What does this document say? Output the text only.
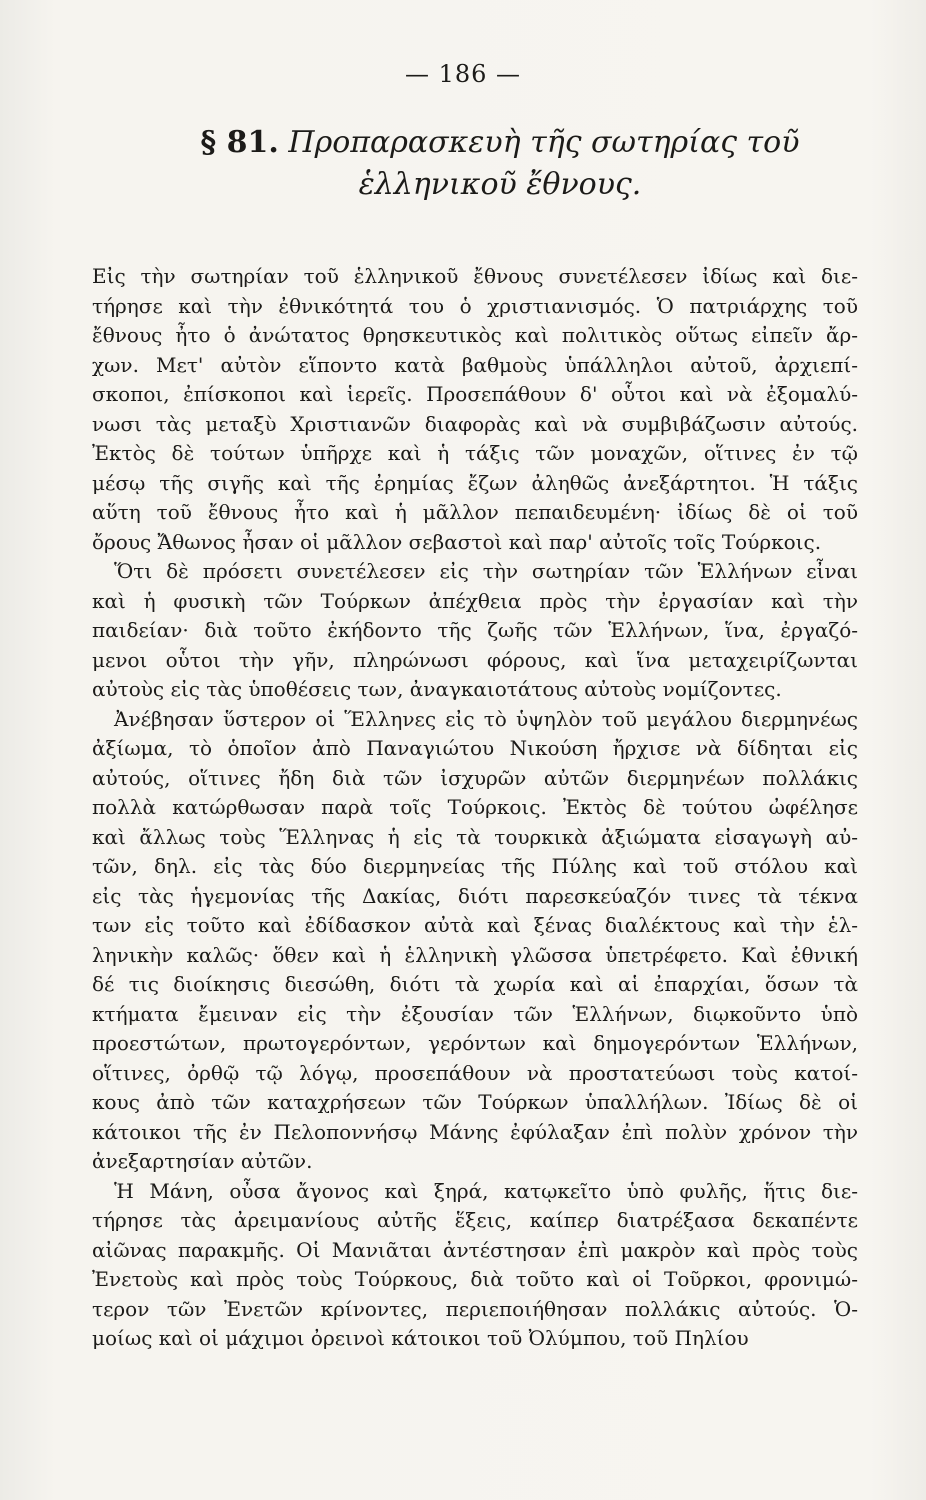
— 186 —
§ 81. Προπαρασκευὴ τῆς σωτηρίας τοῦ
ἑλληνικοῦ ἔθνους.
Εἰς τὴν σωτηρίαν τοῦ ἑλληνικοῦ ἔθνους συνετέλεσεν ἰδίως καὶ διε-
τήρησε καὶ τὴν ἐθνικότητά του ὁ χριστιανισμός. Ὁ πατριάρχης τοῦ
ἔθνους ἦτο ὁ ἀνώτατος θρησκευτικὸς καὶ πολιτικὸς οὕτως εἰπεῖν ἄρ-
χων. Μετ' αὐτὸν εἵποντο κατὰ βαθμοὺς ὑπάλληλοι αὐτοῦ, ἀρχιεπί-
σκοποι, ἐπίσκοποι καὶ ἱερεῖς. Προσεπάθουν δ' οὗτοι καὶ νὰ ἐξομαλύ-
νωσι τὰς μεταξὺ Χριστιανῶν διαφορὰς καὶ νὰ συμβιβάζωσιν αὐτούς.
Ἐκτὸς δὲ τούτων ὑπῆρχε καὶ ἡ τάξις τῶν μοναχῶν, οἵτινες ἐν τῷ
μέσῳ τῆς σιγῆς καὶ τῆς ἐρημίας ἔζων ἀληθῶς ἀνεξάρτητοι. Ἡ τάξις
αὕτη τοῦ ἔθνους ἦτο καὶ ἡ μᾶλλον πεπαιδευμένη· ἰδίως δὲ οἱ τοῦ
ὄρους Ἄθωνος ἦσαν οἱ μᾶλλον σεβαστοὶ καὶ παρ' αὐτοῖς τοῖς Τούρκοις.
Ὅτι δὲ πρόσετι συνετέλεσεν εἰς τὴν σωτηρίαν τῶν Ἑλλήνων εἶναι
καὶ ἡ φυσικὴ τῶν Τούρκων ἀπέχθεια πρὸς τὴν ἐργασίαν καὶ τὴν
παιδείαν· διὰ τοῦτο ἐκήδοντο τῆς ζωῆς τῶν Ἑλλήνων, ἵνα, ἐργαζό-
μενοι οὗτοι τὴν γῆν, πληρώνωσι φόρους, καὶ ἵνα μεταχειρίζωνται
αὐτοὺς εἰς τὰς ὑποθέσεις των, ἀναγκαιοτάτους αὐτοὺς νομίζοντες.
Ἀνέβησαν ὕστερον οἱ Ἕλληνες εἰς τὸ ὑψηλὸν τοῦ μεγάλου διερμηνέως
ἀξίωμα, τὸ ὁποῖον ἀπὸ Παναγιώτου Νικούση ἤρχισε νὰ δίδηται εἰς
αὐτούς, οἵτινες ἤδη διὰ τῶν ἰσχυρῶν αὐτῶν διερμηνέων πολλάκις
πολλὰ κατώρθωσαν παρὰ τοῖς Τούρκοις. Ἐκτὸς δὲ τούτου ὠφέλησε
καὶ ἄλλως τοὺς Ἕλληνας ἡ εἰς τὰ τουρκικὰ ἀξιώματα εἰσαγωγὴ αὐ-
τῶν, δηλ. εἰς τὰς δύο διερμηνείας τῆς Πύλης καὶ τοῦ στόλου καὶ
εἰς τὰς ἡγεμονίας τῆς Δακίας, διότι παρεσκεύαζόν τινες τὰ τέκνα
των εἰς τοῦτο καὶ ἐδίδασκον αὐτὰ καὶ ξένας διαλέκτους καὶ τὴν ἑλ-
ληνικὴν καλῶς· ὅθεν καὶ ἡ ἑλληνικὴ γλῶσσα ὑπετρέφετο. Καὶ ἐθνική
δέ τις διοίκησις διεσώθη, διότι τὰ χωρία καὶ αἱ ἐπαρχίαι, ὅσων τὰ
κτήματα ἔμειναν εἰς τὴν ἐξουσίαν τῶν Ἑλλήνων, διῳκοῦντο ὑπὸ
προεστώτων, πρωτογερόντων, γερόντων καὶ δημογερόντων Ἑλλήνων,
οἵτινες, ὀρθῷ τῷ λόγῳ, προσεπάθουν νὰ προστατεύωσι τοὺς κατοί-
κους ἀπὸ τῶν καταχρήσεων τῶν Τούρκων ὑπαλλήλων. Ἰδίως δὲ οἱ
κάτοικοι τῆς ἐν Πελοποννήσῳ Μάνης ἐφύλαξαν ἐπὶ πολὺν χρόνον τὴν
ἀνεξαρτησίαν αὐτῶν.
Ἡ Μάνη, οὖσα ἄγονος καὶ ξηρά, κατῳκεῖτο ὑπὸ φυλῆς, ἥτις διε-
τήρησε τὰς ἀρειμανίους αὐτῆς ἕξεις, καίπερ διατρέξασα δεκαπέντε
αἰῶνας παρακμῆς. Οἱ Μανιᾶται ἀντέστησαν ἐπὶ μακρὸν καὶ πρὸς τοὺς
Ἐνετοὺς καὶ πρὸς τοὺς Τούρκους, διὰ τοῦτο καὶ οἱ Τοῦρκοι, φρονιμώ-
τερον τῶν Ἐνετῶν κρίνοντες, περιεποιήθησαν πολλάκις αὐτούς. Ὁ-
μοίως καὶ οἱ μάχιμοι ὀρεινοὶ κάτοικοι τοῦ Ὀλύμπου, τοῦ Πηλίου
